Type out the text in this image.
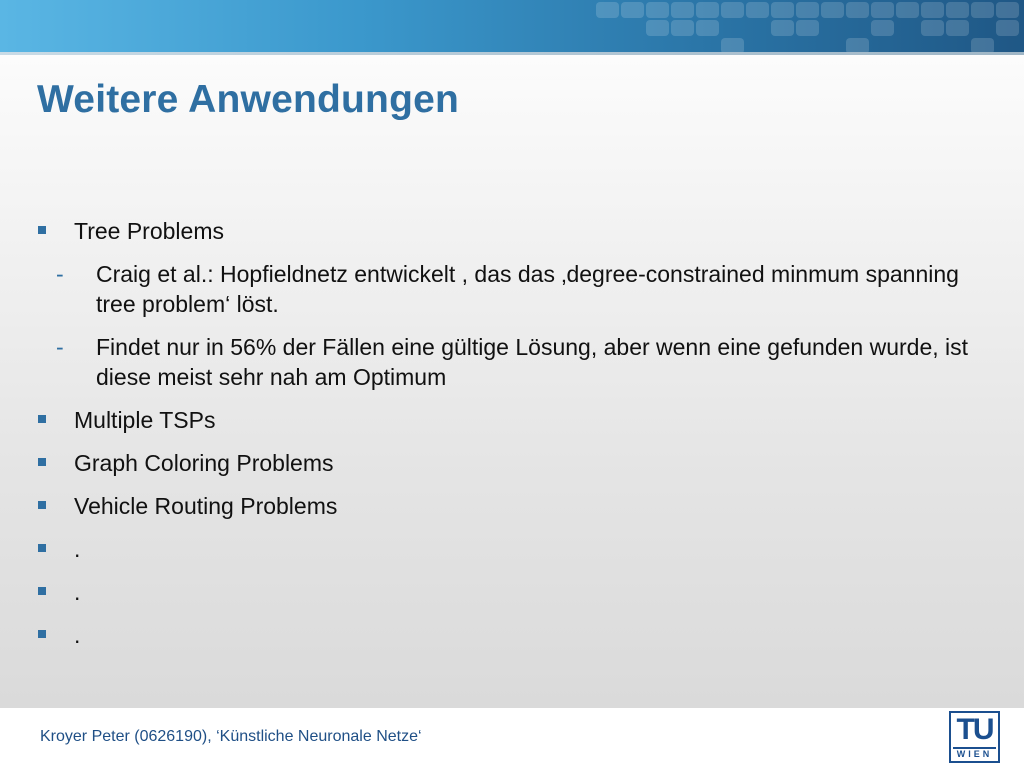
Weitere Anwendungen
Tree Problems
- Craig et al.: Hopfieldnetz entwickelt , das das ‚degree-constrained minmum spanning tree problem‘ löst.
- Findet nur in 56% der Fällen eine gültige Lösung, aber wenn eine gefunden wurde, ist diese meist sehr nah am Optimum
Multiple TSPs
Graph Coloring Problems
Vehicle Routing Problems
.
.
.
Kroyer Peter (0626190), ‘Künstliche Neuronale Netze‘	TU
WIEN
